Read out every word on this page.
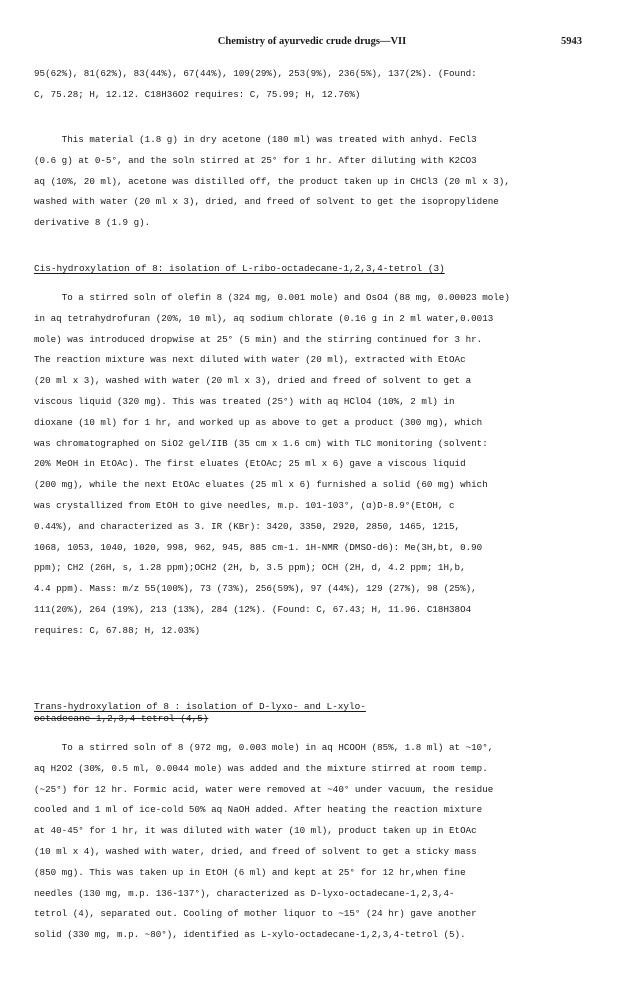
Chemistry of ayurvedic crude drugs—VII	5943
95(62%), 81(62%), 83(44%), 67(44%), 109(29%), 253(9%), 236(5%), 137(2%). (Found:
C, 75.28; H, 12.12. C18H36O2 requires: C, 75.99; H, 12.76%)
This material (1.8 g) in dry acetone (180 ml) was treated with anhyd. FeCl3
(0.6 g) at 0-5°, and the soln stirred at 25° for 1 hr. After diluting with K2CO3
aq (10%, 20 ml), acetone was distilled off, the product taken up in CHCl3 (20 ml x 3),
washed with water (20 ml x 3), dried, and freed of solvent to get the isopropylidene
derivative 8 (1.9 g).
Cis-hydroxylation of 8: isolation of L-ribo-octadecane-1,2,3,4-tetrol (3)
To a stirred soln of olefin 8 (324 mg, 0.001 mole) and OsO4 (88 mg, 0.00023 mole)
in aq tetrahydrofuran (20%, 10 ml), aq sodium chlorate (0.16 g in 2 ml water,0.0013
mole) was introduced dropwise at 25° (5 min) and the stirring continued for 3 hr.
The reaction mixture was next diluted with water (20 ml), extracted with EtOAc
(20 ml x 3), washed with water (20 ml x 3), dried and freed of solvent to get a
viscous liquid (320 mg). This was treated (25°) with aq HClO4 (10%, 2 ml) in
dioxane (10 ml) for 1 hr, and worked up as above to get a product (300 mg), which
was chromatographed on SiO2 gel/IIB (35 cm x 1.6 cm) with TLC monitoring (solvent:
20% MeOH in EtOAc). The first eluates (EtOAc; 25 ml x 6) gave a viscous liquid
(200 mg), while the next EtOAc eluates (25 ml x 6) furnished a solid (60 mg) which
was crystallized from EtOH to give needles, m.p. 101-103°, (α)D-8.9°(EtOH, c
0.44%), and characterized as 3. IR (KBr): 3420, 3350, 2920, 2850, 1465, 1215,
1068, 1053, 1040, 1020, 998, 962, 945, 885 cm-1. 1H-NMR (DMSO-d6): Me(3H,bt, 0.90
ppm); CH2 (26H, s, 1.28 ppm);OCH2 (2H, b, 3.5 ppm); OCH (2H, d, 4.2 ppm; 1H,b,
4.4 ppm). Mass: m/z 55(100%), 73 (73%), 256(59%), 97 (44%), 129 (27%), 98 (25%),
111(20%), 264 (19%), 213 (13%), 284 (12%). (Found: C, 67.43; H, 11.96. C18H38O4
requires: C, 67.88; H, 12.03%)
Trans-hydroxylation of 8 : isolation of D-lyxo- and L-xylo-
octadecane-1,2,3,4-tetrol (4,5)
To a stirred soln of 8 (972 mg, 0.003 mole) in aq HCOOH (85%, 1.8 ml) at ~10°,
aq H2O2 (30%, 0.5 ml, 0.0044 mole) was added and the mixture stirred at room temp.
(~25°) for 12 hr. Formic acid, water were removed at ~40° under vacuum, the residue
cooled and 1 ml of ice-cold 50% aq NaOH added. After heating the reaction mixture
at 40-45° for 1 hr, it was diluted with water (10 ml), product taken up in EtOAc
(10 ml x 4), washed with water, dried, and freed of solvent to get a sticky mass
(850 mg). This was taken up in EtOH (6 ml) and kept at 25° for 12 hr,when fine
needles (130 mg, m.p. 136-137°), characterized as D-lyxo-octadecane-1,2,3,4-
tetrol (4), separated out. Cooling of mother liquor to ~15° (24 hr) gave another
solid (330 mg, m.p. ~80°), identified as L-xylo-octadecane-1,2,3,4-tetrol (5).
